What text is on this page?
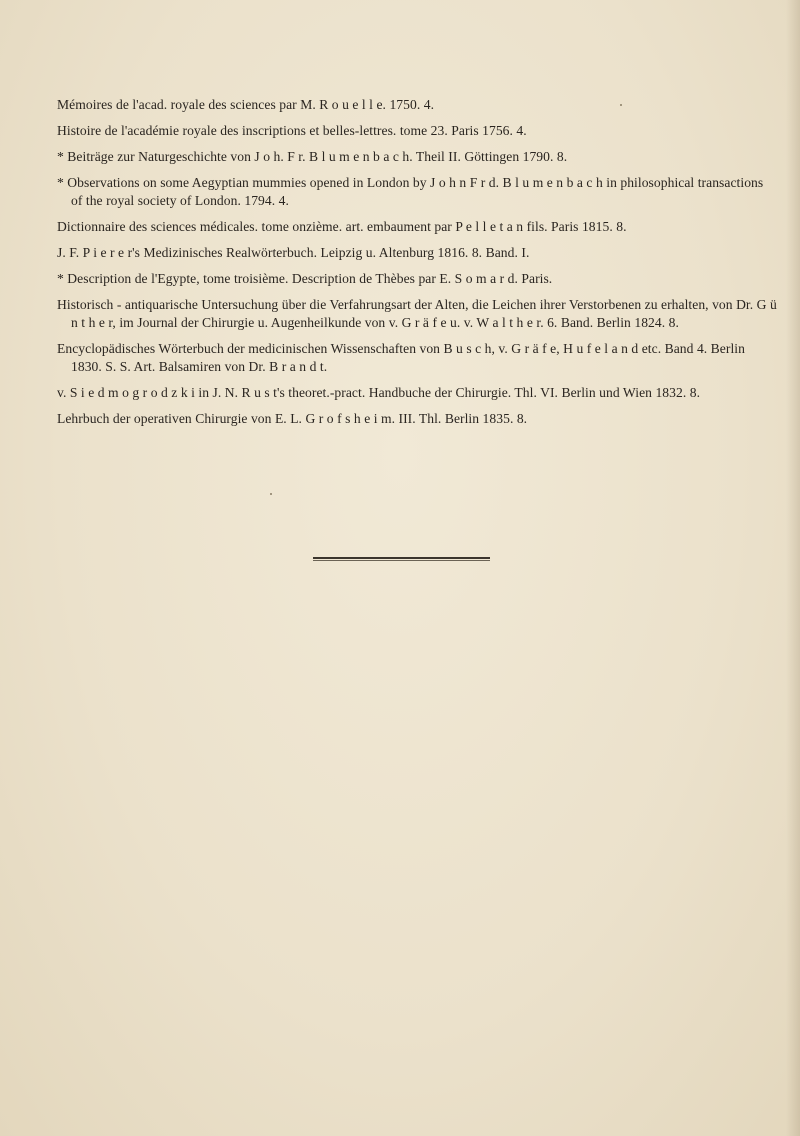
Mémoires de l'acad. royale des sciences par M. R o u e l l e. 1750. 4.

Histoire de l'académie royale des inscriptions et belles-lettres. tome 23. Paris 1756. 4.

* Beiträge zur Naturgeschichte von J o h. F r. B l u m e n b a c h. Theil II. Göttingen 1790. 8.

* Observations on some Aegyptian mummies opened in London by J o h n F r d. B l u m e n b a c h in philosophical transactions of the royal society of London. 1794. 4.

Dictionnaire des sciences médicales. tome onzième. art. embaument par P e l l e t a n fils. Paris 1815. 8.

J. F. P i e r e r's Medizinisches Realwörterbuch. Leipzig u. Altenburg 1816. 8. Band. I.

* Description de l'Egypte, tome troisième. Description de Thèbes par E. S o m a r d. Paris.

Historisch - antiquarische Untersuchung über die Verfahrungsart der Alten, die Leichen ihrer Verstorbenen zu erhalten, von Dr. G ü n t h e r, im Journal der Chirurgie u. Augenheilkunde von v. G r ä f e u. v. W a l t h e r. 6. Band. Berlin 1824. 8.

Encyclopädisches Wörterbuch der medicinischen Wissenschaften von B u s c h, v. G r ä f e, H u f e l a n d etc. Band 4. Berlin 1830. S. S. Art. Balsamiren von Dr. B r a n d t.

v. S i e d m o g r o d z k i in J. N. R u s t's theoret.-pract. Handbuche der Chirurgie. Thl. VI. Berlin und Wien 1832. 8.

Lehrbuch der operativen Chirurgie von E. L. G r o f s h e i m. III. Thl. Berlin 1835. 8.
